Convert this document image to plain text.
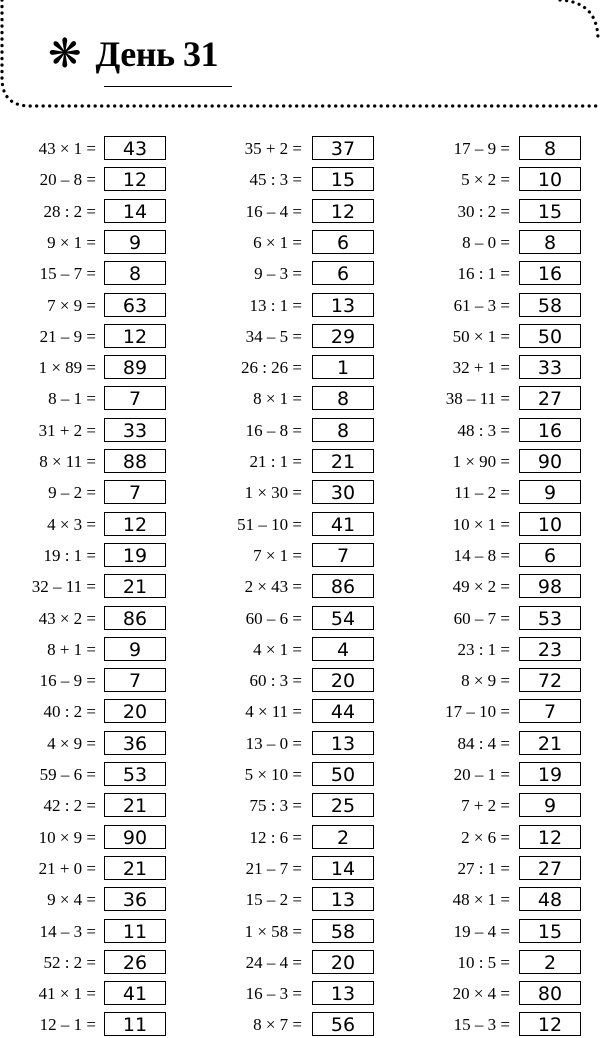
❋ День 31
43 × 1 =	43	35 + 2 =	37	17 – 9 =	8
20 – 8 =	12	45 : 3 =	15	5 × 2 =	10
28 : 2 =	14	16 – 4 =	12	30 : 2 =	15
9 × 1 =	9	6 × 1 =	6	8 – 0 =	8
15 – 7 =	8	9 – 3 =	6	16 : 1 =	16
7 × 9 =	63	13 : 1 =	13	61 – 3 =	58
21 – 9 =	12	34 – 5 =	29	50 × 1 =	50
1 × 89 =	89	26 : 26 =	1	32 + 1 =	33
8 – 1 =	7	8 × 1 =	8	38 – 11 =	27
31 + 2 =	33	16 – 8 =	8	48 : 3 =	16
8 × 11 =	88	21 : 1 =	21	1 × 90 =	90
9 – 2 =	7	1 × 30 =	30	11 – 2 =	9
4 × 3 =	12	51 – 10 =	41	10 × 1 =	10
19 : 1 =	19	7 × 1 =	7	14 – 8 =	6
32 – 11 =	21	2 × 43 =	86	49 × 2 =	98
43 × 2 =	86	60 – 6 =	54	60 – 7 =	53
8 + 1 =	9	4 × 1 =	4	23 : 1 =	23
16 – 9 =	7	60 : 3 =	20	8 × 9 =	72
40 : 2 =	20	4 × 11 =	44	17 – 10 =	7
4 × 9 =	36	13 – 0 =	13	84 : 4 =	21
59 – 6 =	53	5 × 10 =	50	20 – 1 =	19
42 : 2 =	21	75 : 3 =	25	7 + 2 =	9
10 × 9 =	90	12 : 6 =	2	2 × 6 =	12
21 + 0 =	21	21 – 7 =	14	27 : 1 =	27
9 × 4 =	36	15 – 2 =	13	48 × 1 =	48
14 – 3 =	11	1 × 58 =	58	19 – 4 =	15
52 : 2 =	26	24 – 4 =	20	10 : 5 =	2
41 × 1 =	41	16 – 3 =	13	20 × 4 =	80
12 – 1 =	11	8 × 7 =	56	15 – 3 =	12
